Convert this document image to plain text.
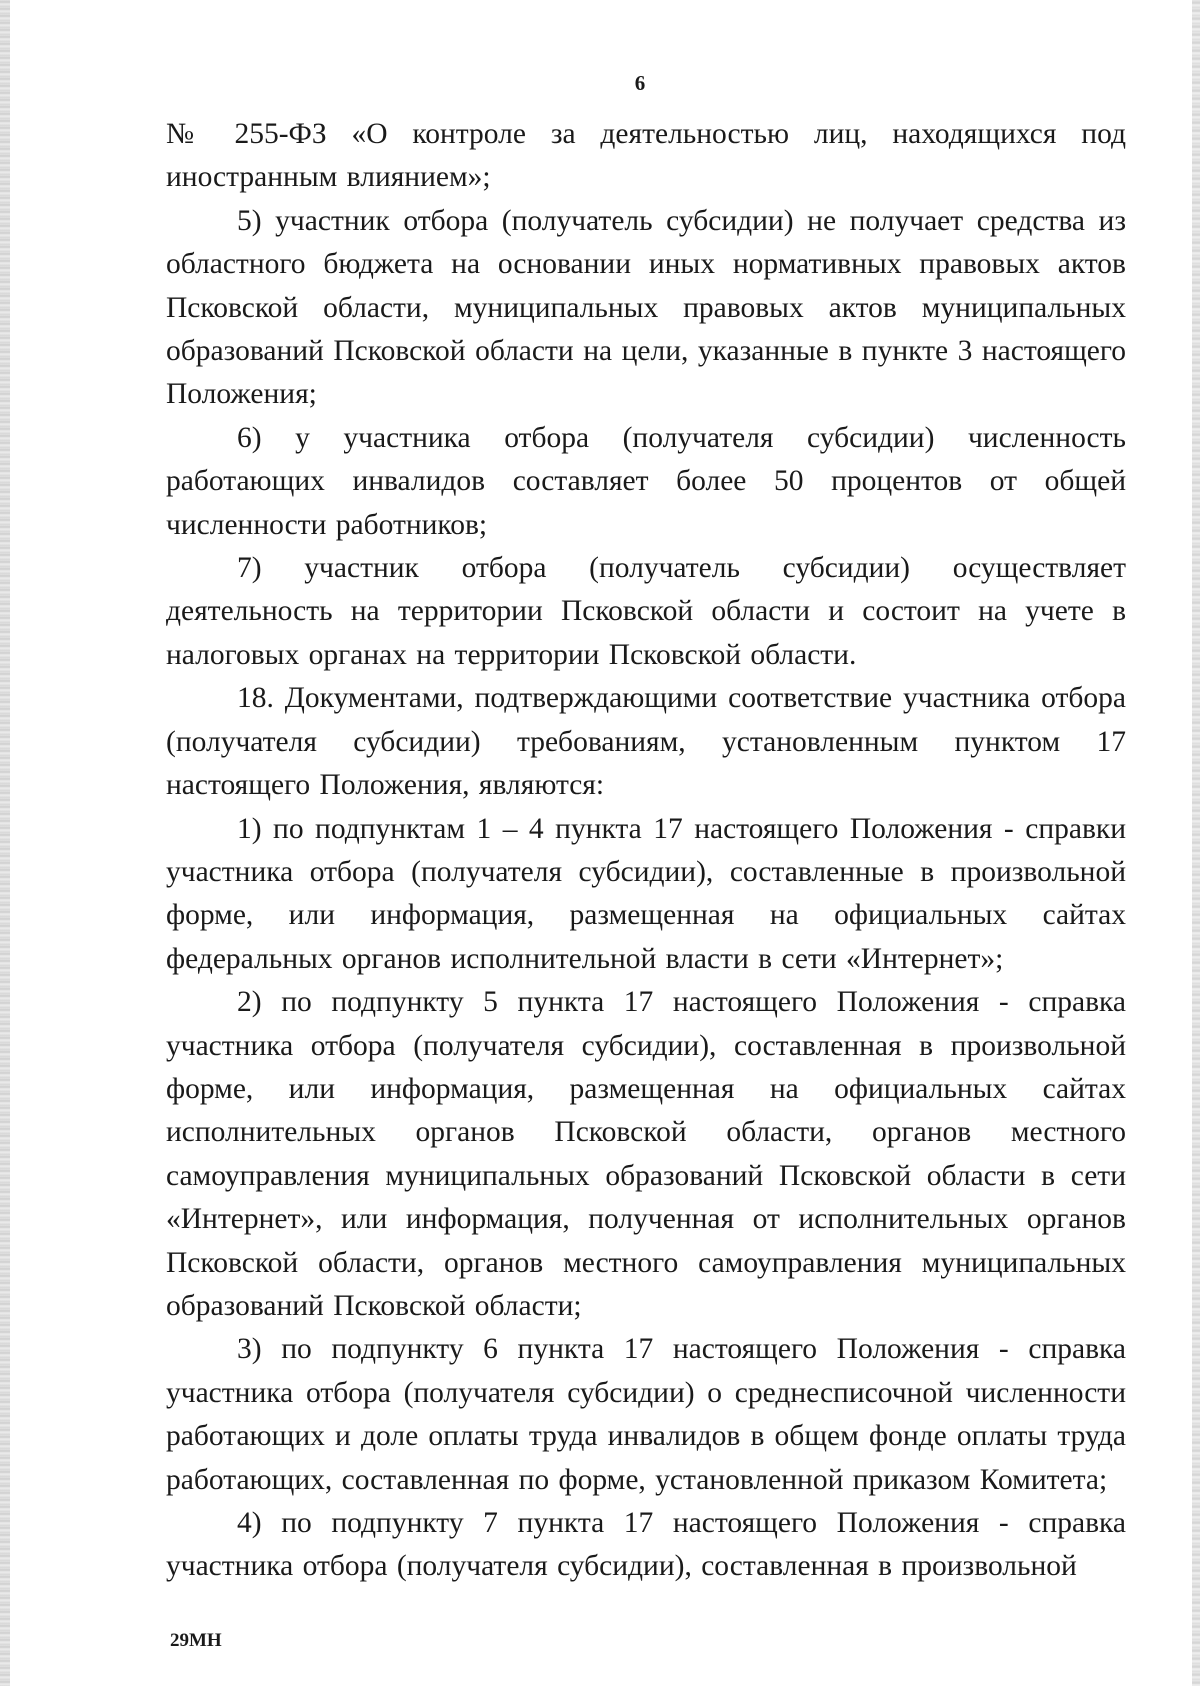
6

№ 255-ФЗ «О контроле за деятельностью лиц, находящихся под иностранным влиянием»;

5) участник отбора (получатель субсидии) не получает средства из областного бюджета на основании иных нормативных правовых актов Псковской области, муниципальных правовых актов муниципальных образований Псковской области на цели, указанные в пункте 3 настоящего Положения;

6) у участника отбора (получателя субсидии) численность работающих инвалидов составляет более 50 процентов от общей численности работников;

7) участник отбора (получатель субсидии) осуществляет деятельность на территории Псковской области и состоит на учете в налоговых органах на территории Псковской области.

18. Документами, подтверждающими соответствие участника отбора (получателя субсидии) требованиям, установленным пунктом 17 настоящего Положения, являются:

1) по подпунктам 1 – 4 пункта 17 настоящего Положения - справки участника отбора (получателя субсидии), составленные в произвольной форме, или информация, размещенная на официальных сайтах федеральных органов исполнительной власти в сети «Интернет»;

2) по подпункту 5 пункта 17 настоящего Положения - справка участника отбора (получателя субсидии), составленная в произвольной форме, или информация, размещенная на официальных сайтах исполнительных органов Псковской области, органов местного самоуправления муниципальных образований Псковской области в сети «Интернет», или информация, полученная от исполнительных органов Псковской области, органов местного самоуправления муниципальных образований Псковской области;

3) по подпункту 6 пункта 17 настоящего Положения - справка участника отбора (получателя субсидии) о среднесписочной численности работающих и доле оплаты труда инвалидов в общем фонде оплаты труда работающих, составленная по форме, установленной приказом Комитета;

4) по подпункту 7 пункта 17 настоящего Положения - справка участника отбора (получателя субсидии), составленная в произвольной

29МН
